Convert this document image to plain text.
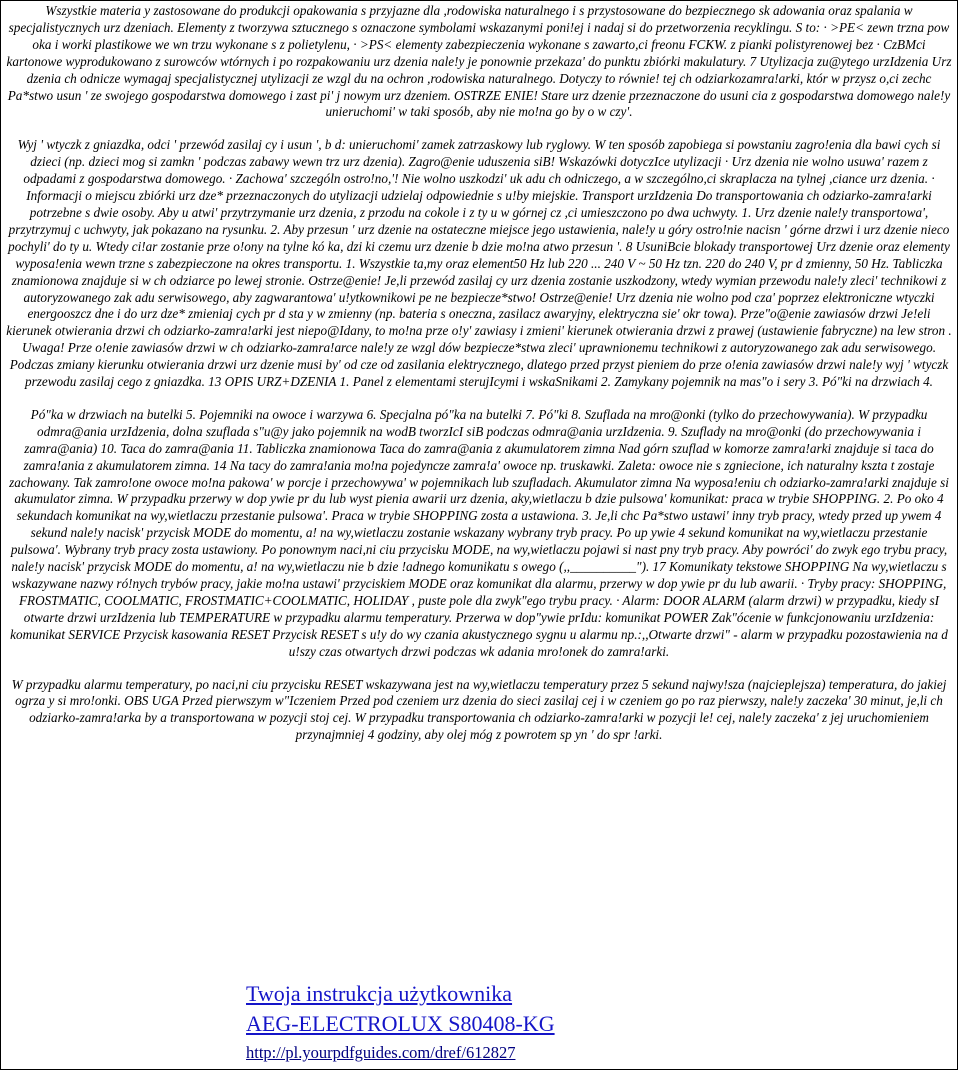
Wszystkie materia y zastosowane do produkcji opakowania s przyjazne dla ,rodowiska naturalnego i s przystosowane do bezpiecznego sk adowania oraz spalania w specjalistycznych urz dzeniach. Elementy z tworzywa sztucznego s oznaczone symbolami wskazanymi poni!ej i nadaj si do przetworzenia recyklingu. S to: · >PE< zewn trzna pow oka i worki plastikowe we wn trzu wykonane s z polietylenu, · >PS< elementy zabezpieczenia wykonane s zawarto,ci freonu FCKW. z pianki polistyrenowej bez · CzBMci kartonowe wyprodukowano z surowców wtórnych i po rozpakowaniu urz dzenia nale!y je ponownie przekaza' do punktu zbiórki makulatury. 7 Utylizacja zu@ytego urzIdzenia Urz dzenia ch odnicze wymagaj specjalistycznej utylizacji ze wzgl du na ochron ,rodowiska naturalnego. Dotyczy to równie! tej ch odziarkozamra!arki, któr w przysz o,ci zechc Pa*stwo usun ' ze swojego gospodarstwa domowego i zast pi' j nowym urz dzeniem. OSTRZE ENIE! Stare urz dzenie przeznaczone do usuni cia z gospodarstwa domowego nale!y unieruchomi' w taki sposób, aby nie mo!na go by o w czy'.

Wyj ' wtyczk z gniazdka, odci ' przewód zasilaj cy i usun ', b d: unieruchomi' zamek zatrzaskowy lub ryglowy. W ten sposób zapobiega si powstaniu zagro!enia dla bawi cych si dzieci (np. dzieci mog si zamkn ' podczas zabawy wewn trz urz dzenia). Zagro@enie uduszenia siB! Wskazówki dotyczIce utylizacji · Urz dzenia nie wolno usuwa' razem z odpadami z gospodarstwa domowego. · Zachowa' szczególn ostro!no,'! Nie wolno uszkodzi' uk adu ch odniczego, a w szczególno,ci skraplacza na tylnej ,ciance urz dzenia. · Informacji o miejscu zbiórki urz dze* przeznaczonych do utylizacji udzielaj odpowiednie s u!by miejskie. Transport urzIdzenia Do transportowania ch odziarko-zamra!arki potrzebne s dwie osoby. Aby u atwi' przytrzymanie urz dzenia, z przodu na cokole i z ty u w górnej cz ,ci umieszczono po dwa uchwyty. 1. Urz dzenie nale!y transportowa', przytrzymuj c uchwyty, jak pokazano na rysunku. 2. Aby przesun ' urz dzenie na ostateczne miejsce jego ustawienia, nale!y u góry ostro!nie nacisn ' górne drzwi i urz dzenie nieco pochyli' do ty u. Wtedy ci!ar zostanie prze o!ony na tylne kó ka, dzi ki czemu urz dzenie b dzie mo!na atwo przesun '. 8 UsuniBcie blokady transportowej Urz dzenie oraz elementy wyposa!enia wewn trzne s zabezpieczone na okres transportu. 1. Wszystkie ta,my oraz element50 Hz lub 220 ... 240 V ~ 50 Hz tzn. 220 do 240 V, pr d zmienny, 50 Hz. Tabliczka znamionowa znajduje si w ch odziarce po lewej stronie. Ostrze@enie! Je,li przewód zasilaj cy urz dzenia zostanie uszkodzony, wtedy wymian przewodu nale!y zleci' technikowi z autoryzowanego zak adu serwisowego, aby zagwarantowa' u!ytkownikowi pe ne bezpiecze*stwo! Ostrze@enie! Urz dzenia nie wolno pod cza' poprzez elektroniczne wtyczki energooszcz dne i do urz dze* zmieniaj cych pr d sta y w zmienny (np. bateria s oneczna, zasilacz awaryjny, elektryczna sie' okr towa). Prze"o@enie zawiasów drzwi Je!eli kierunek otwierania drzwi ch odziarko-zamra!arki jest niepo@Idany, to mo!na prze o!y' zawiasy i zmieni' kierunek otwierania drzwi z prawej (ustawienie fabryczne) na lew stron . Uwaga! Prze o!enie zawiasów drzwi w ch odziarko-zamra!arce nale!y ze wzgl dów bezpiecze*stwa zleci' uprawnionemu technikowi z autoryzowanego zak adu serwisowego. Podczas zmiany kierunku otwierania drzwi urz dzenie musi by' od cze od zasilania elektrycznego, dlatego przed przyst pieniem do prze o!enia zawiasów drzwi nale!y wyj ' wtyczk przewodu zasilaj cego z gniazdka. 13 OPIS URZ+DZENIA 1. Panel z elementami sterujIcymi i wskaSnikami 2. Zamykany pojemnik na mas"o i sery 3. Pó"ki na drzwiach 4.

Pó"ka w drzwiach na butelki 5. Pojemniki na owoce i warzywa 6. Specjalna pó"ka na butelki 7. Pó"ki 8. Szuflada na mro@onki (tylko do przechowywania). W przypadku odmra@ania urzIdzenia, dolna szuflada s"u@y jako pojemnik na wodB tworzIcI siB podczas odmra@ania urzIdzenia. 9. Szuflady na mro@onki (do przechowywania i zamra@ania) 10. Taca do zamra@ania 11. Tabliczka znamionowa Taca do zamra@ania z akumulatorem zimna Nad górn szuflad w komorze zamra!arki znajduje si taca do zamra!ania z akumulatorem zimna. 14 Na tacy do zamra!ania mo!na pojedyncze zamra!a' owoce np. truskawki. Zaleta: owoce nie s zgniecione, ich naturalny kszta t zostaje zachowany. Tak zamro!one owoce mo!na pakowa' w porcje i przechowywa' w pojemnikach lub szufladach. Akumulator zimna Na wyposa!eniu ch odziarko-zamra!arki znajduje si akumulator zimna. W przypadku przerwy w dop ywie pr du lub wyst pienia awarii urz dzenia, aky,wietlaczu b dzie pulsowa' komunikat: praca w trybie SHOPPING. 2. Po oko 4 sekundach komunikat na wy,wietlaczu przestanie pulsowa'. Praca w trybie SHOPPING zosta a ustawiona. 3. Je,li chc Pa*stwo ustawi' inny tryb pracy, wtedy przed up ywem 4 sekund nale!y nacisk' przycisk MODE do momentu, a! na wy,wietlaczu zostanie wskazany wybrany tryb pracy. Po up ywie 4 sekund komunikat na wy,wietlaczu przestanie pulsowa'. Wybrany tryb pracy zosta ustawiony. Po ponownym naci,ni ciu przycisku MODE, na wy,wietlaczu pojawi si nast pny tryb pracy. Aby powróci' do zwyk ego trybu pracy, nale!y nacisk' przycisk MODE do momentu, a! na wy,wietlaczu nie b dzie !adnego komunikatu s owego (,,__________"). 17 Komunikaty tekstowe SHOPPING Na wy,wietlaczu s wskazywane nazwy ró!nych trybów pracy, jakie mo!na ustawi' przyciskiem MODE oraz komunikat dla alarmu, przerwy w dop ywie pr du lub awarii. · Tryby pracy: SHOPPING, FROSTMATIC, COOLMATIC, FROSTMATIC+COOLMATIC, HOLIDAY , puste pole dla zwyk"ego trybu pracy. · Alarm: DOOR ALARM (alarm drzwi) w przypadku, kiedy sI otwarte drzwi urzIdzenia lub TEMPERATURE w przypadku alarmu temperatury. Przerwa w dop"ywie prIdu: komunikat POWER Zak"ócenie w funkcjonowaniu urzIdzenia: komunikat SERVICE Przycisk kasowania RESET Przycisk RESET s u!y do wy czania akustycznego sygnu u alarmu np.:,,Otwarte drzwi" - alarm w przypadku pozostawienia na d u!szy czas otwartych drzwi podczas wk adania mro!onek do zamra!arki.

W przypadku alarmu temperatury, po naci,ni ciu przycisku RESET wskazywana jest na wy,wietlaczu temperatury przez 5 sekund najwy!sza (najcieplejsza) temperatura, do jakiej ogrza y si mro!onki. OBS UGA Przed pierwszym w"Iczeniem Przed pod czeniem urz dzenia do sieci zasilaj cej i w czeniem go po raz pierwszy, nale!y zaczeka' 30 minut, je,li ch odziarko-zamra!arka by a transportowana w pozycji stoj cej. W przypadku transportowania ch odziarko-zamra!arki w pozycji le! cej, nale!y zaczeka' z jej uruchomieniem przynajmniej 4 godziny, aby olej móg z powrotem sp yn ' do spr !arki.

Twoja instrukcja użytkownika
AEG-ELECTROLUX S80408-KG
http://pl.yourpdfguides.com/dref/612827
